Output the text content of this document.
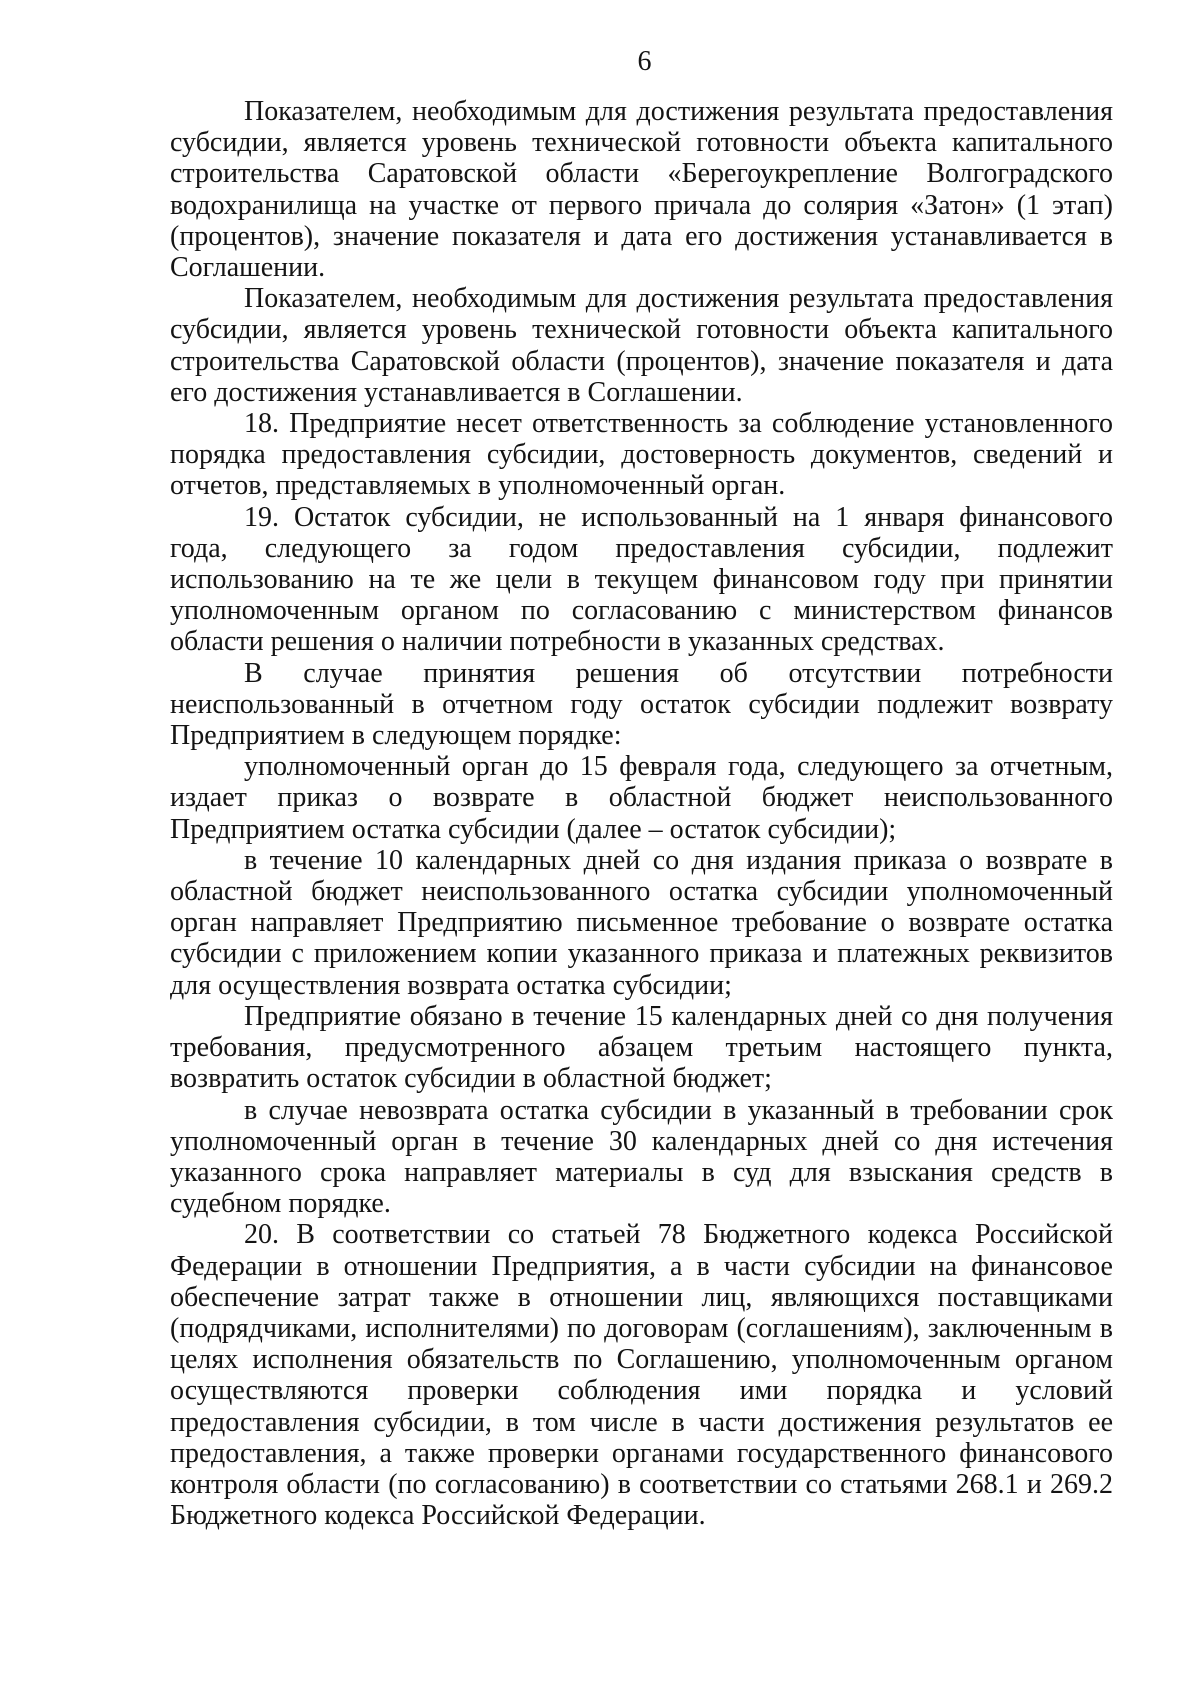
6

Показателем, необходимым для достижения результата предоставления субсидии, является уровень технической готовности объекта капитального строительства Саратовской области «Берегоукрепление Волгоградского водохранилища на участке от первого причала до солярия «Затон» (1 этап) (процентов), значение показателя и дата его достижения устанавливается в Соглашении.

Показателем, необходимым для достижения результата предоставления субсидии, является уровень технической готовности объекта капитального строительства Саратовской области (процентов), значение показателя и дата его достижения устанавливается в Соглашении.

18. Предприятие несет ответственность за соблюдение установленного порядка предоставления субсидии, достоверность документов, сведений и отчетов, представляемых в уполномоченный орган.

19. Остаток субсидии, не использованный на 1 января финансового года, следующего за годом предоставления субсидии, подлежит использованию на те же цели в текущем финансовом году при принятии уполномоченным органом по согласованию с министерством финансов области решения о наличии потребности в указанных средствах.

В случае принятия решения об отсутствии потребности неиспользованный в отчетном году остаток субсидии подлежит возврату Предприятием в следующем порядке:

уполномоченный орган до 15 февраля года, следующего за отчетным, издает приказ о возврате в областной бюджет неиспользованного Предприятием остатка субсидии (далее – остаток субсидии);

в течение 10 календарных дней со дня издания приказа о возврате в областной бюджет неиспользованного остатка субсидии уполномоченный орган направляет Предприятию письменное требование о возврате остатка субсидии с приложением копии указанного приказа и платежных реквизитов для осуществления возврата остатка субсидии;

Предприятие обязано в течение 15 календарных дней со дня получения требования, предусмотренного абзацем третьим настоящего пункта, возвратить остаток субсидии в областной бюджет;

в случае невозврата остатка субсидии в указанный в требовании срок уполномоченный орган в течение 30 календарных дней со дня истечения указанного срока направляет материалы в суд для взыскания средств в судебном порядке.

20. В соответствии со статьей 78 Бюджетного кодекса Российской Федерации в отношении Предприятия, а в части субсидии на финансовое обеспечение затрат также в отношении лиц, являющихся поставщиками (подрядчиками, исполнителями) по договорам (соглашениям), заключенным в целях исполнения обязательств по Соглашению, уполномоченным органом осуществляются проверки соблюдения ими порядка и условий предоставления субсидии, в том числе в части достижения результатов ее предоставления, а также проверки органами государственного финансового контроля области (по согласованию) в соответствии со статьями 268.1 и 269.2 Бюджетного кодекса Российской Федерации.
